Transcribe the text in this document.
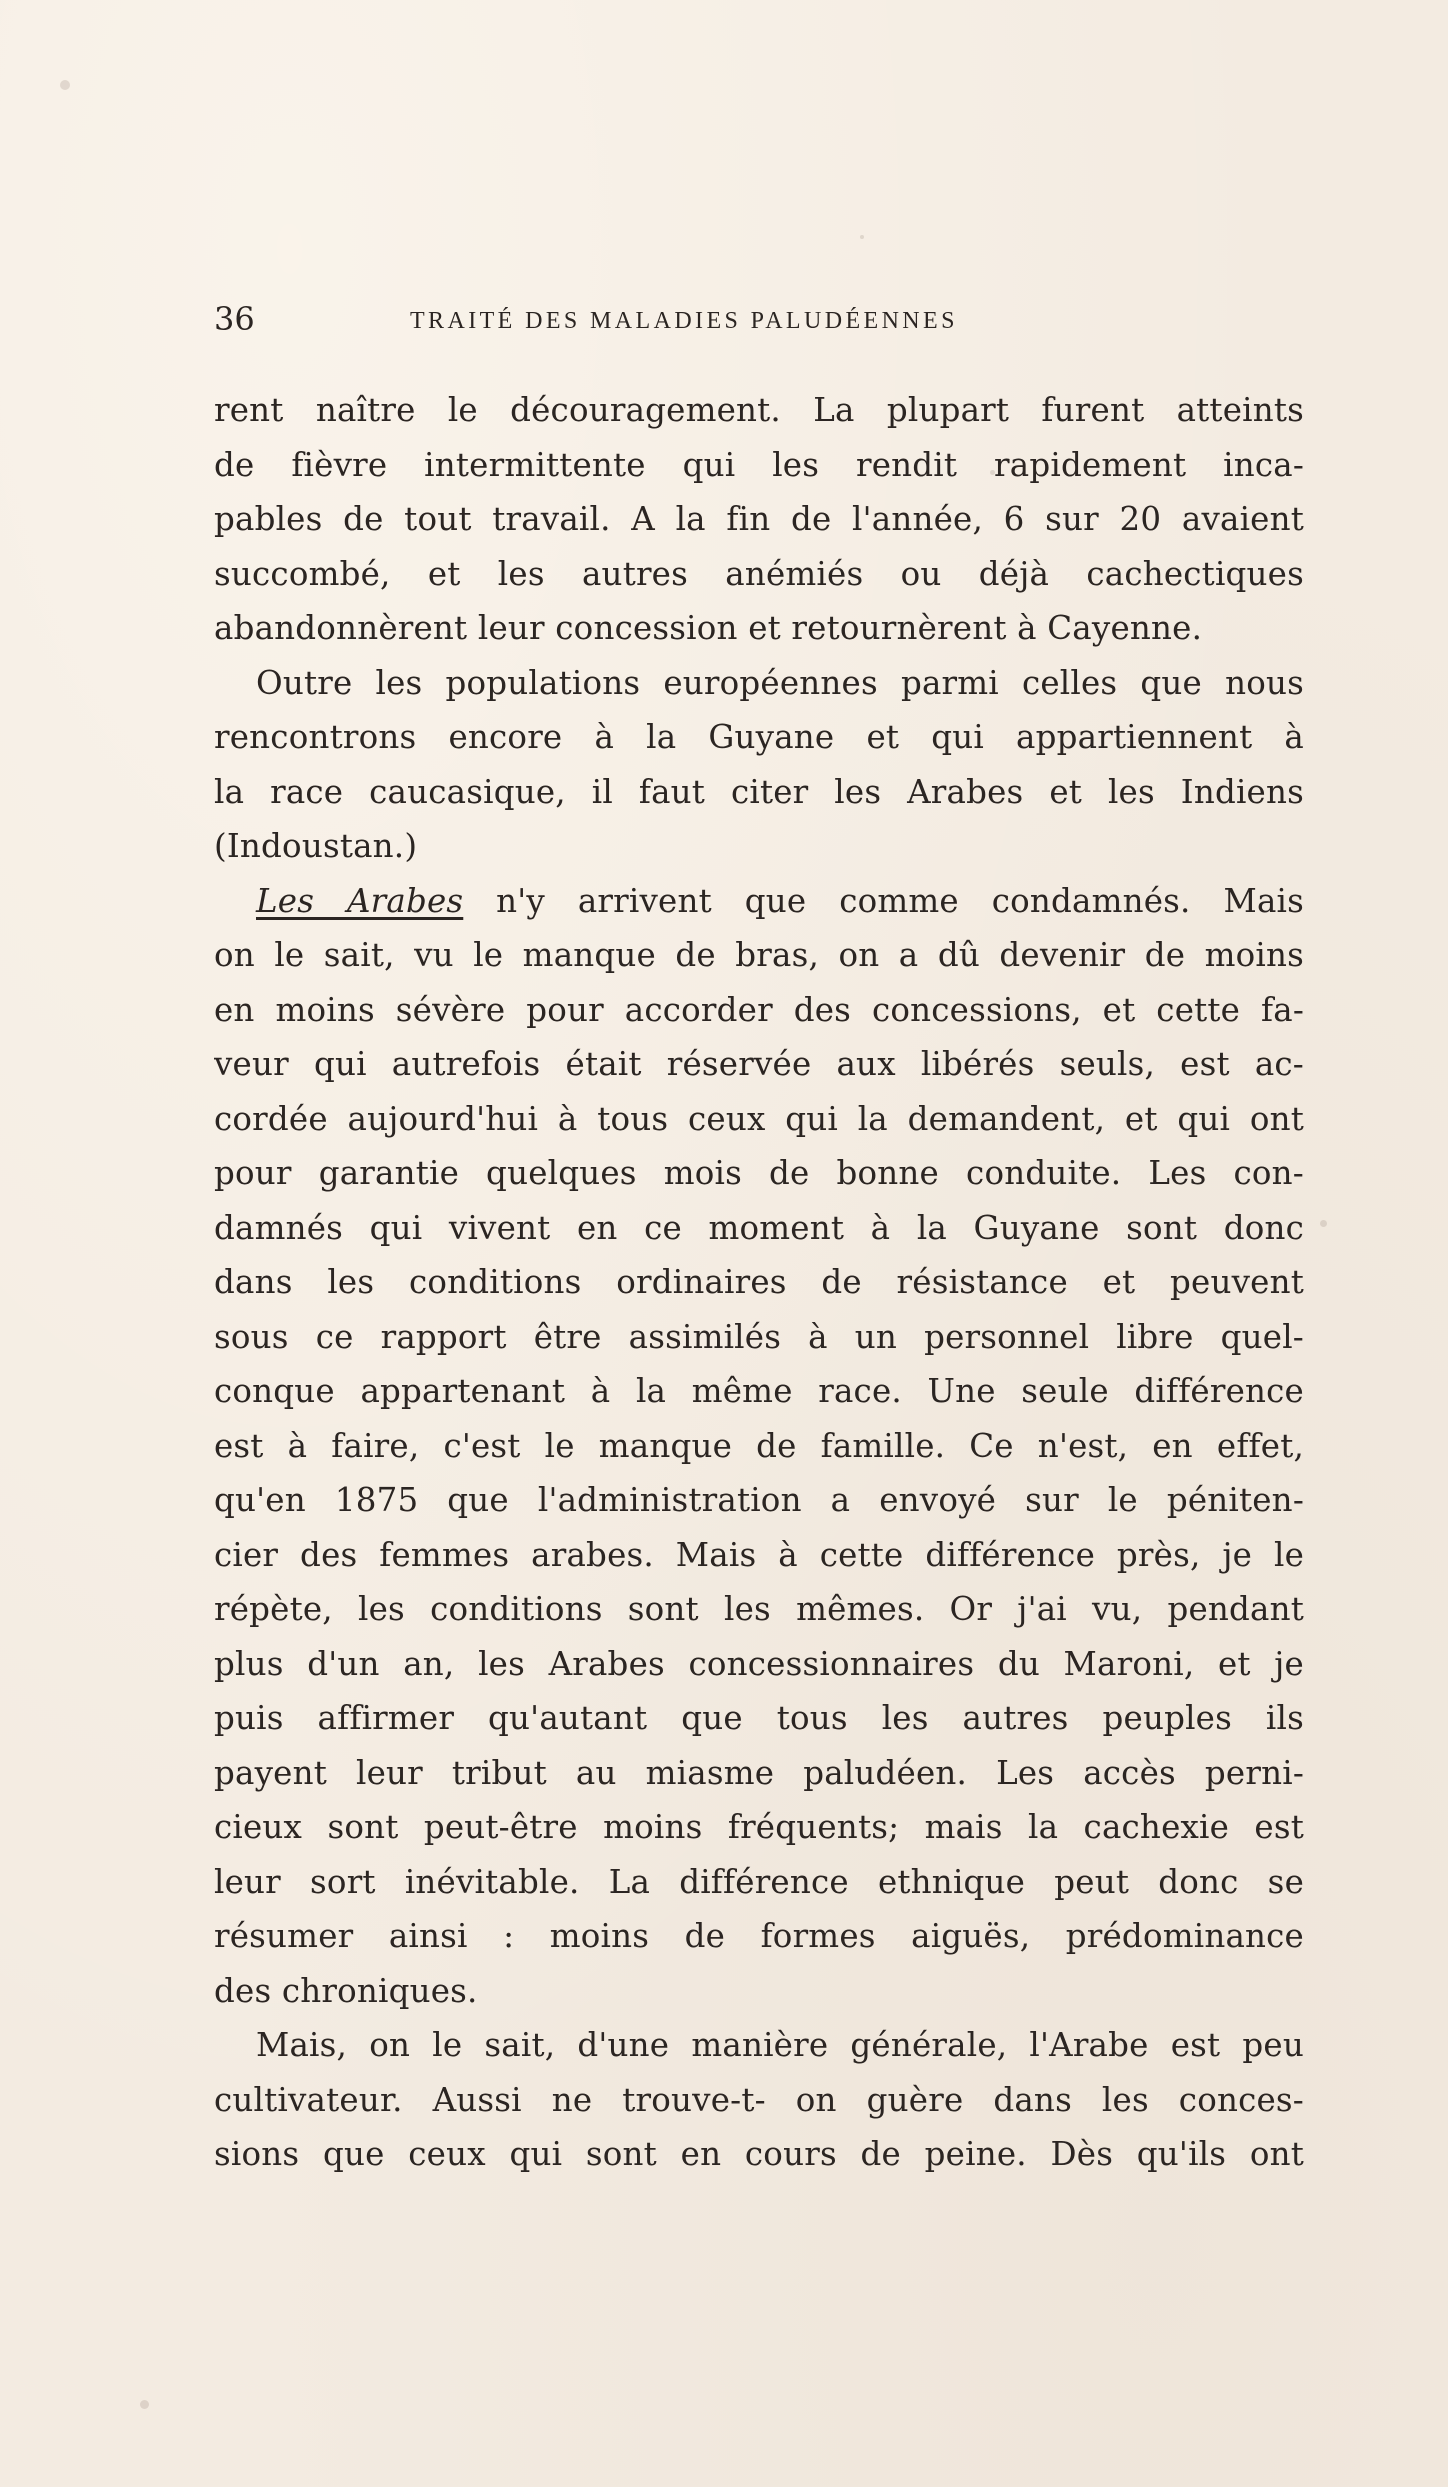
36	TRAITÉ DES MALADIES PALUDÉENNES
rent naître le découragement. La plupart furent atteints
de fièvre intermittente qui les rendit rapidement inca-
pables de tout travail. A la fin de l'année, 6 sur 20 avaient
succombé, et les autres anémiés ou déjà cachectiques
abandonnèrent leur concession et retournèrent à Cayenne.
Outre les populations européennes parmi celles que nous
rencontrons encore à la Guyane et qui appartiennent à
la race caucasique, il faut citer les Arabes et les Indiens
(Indoustan.)
Les Arabes n'y arrivent que comme condamnés. Mais
on le sait, vu le manque de bras, on a dû devenir de moins
en moins sévère pour accorder des concessions, et cette fa-
veur qui autrefois était réservée aux libérés seuls, est ac-
cordée aujourd'hui à tous ceux qui la demandent, et qui ont
pour garantie quelques mois de bonne conduite. Les con-
damnés qui vivent en ce moment à la Guyane sont donc
dans les conditions ordinaires de résistance et peuvent
sous ce rapport être assimilés à un personnel libre quel-
conque appartenant à la même race. Une seule différence
est à faire, c'est le manque de famille. Ce n'est, en effet,
qu'en 1875 que l'administration a envoyé sur le péniten-
cier des femmes arabes. Mais à cette différence près, je le
répète, les conditions sont les mêmes. Or j'ai vu, pendant
plus d'un an, les Arabes concessionnaires du Maroni, et je
puis affirmer qu'autant que tous les autres peuples ils
payent leur tribut au miasme paludéen. Les accès perni-
cieux sont peut-être moins fréquents; mais la cachexie est
leur sort inévitable. La différence ethnique peut donc se
résumer ainsi : moins de formes aiguës, prédominance
des chroniques.
Mais, on le sait, d'une manière générale, l'Arabe est peu
cultivateur. Aussi ne trouve-t- on guère dans les conces-
sions que ceux qui sont en cours de peine. Dès qu'ils ont
